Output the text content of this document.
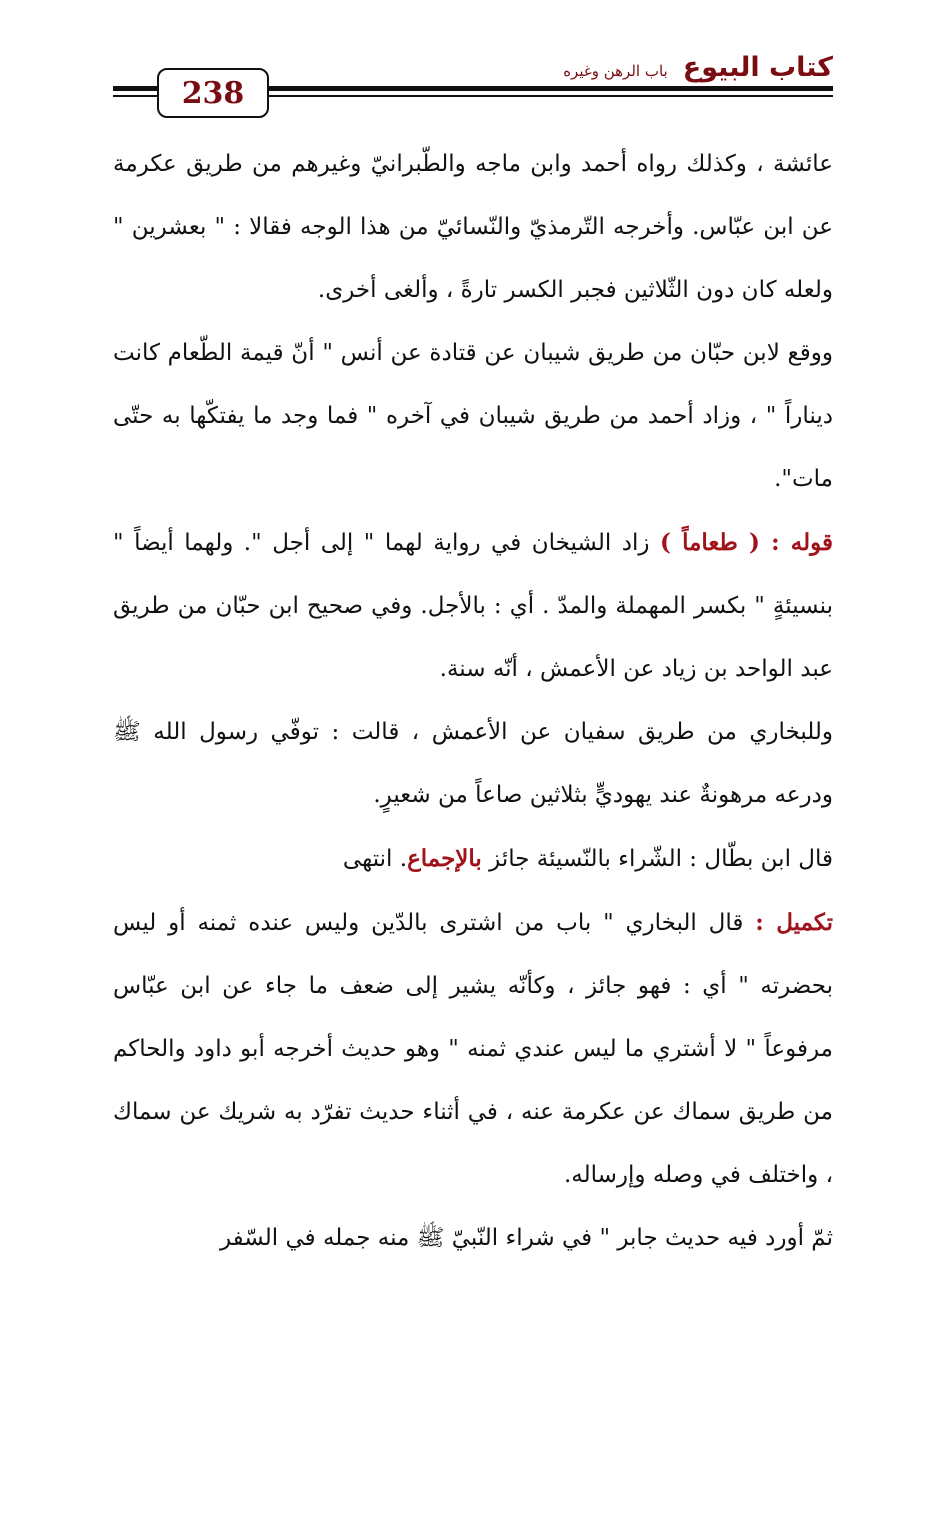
238
كتاب البيوع باب الرهن وغيره

عائشة ، وكذلك رواه أحمد وابن ماجه والطّبرانيّ وغيرهم من طريق عكرمة عن ابن عبّاس. وأخرجه التّرمذيّ والنّسائيّ من هذا الوجه فقالا : " بعشرين " ولعله كان دون الثّلاثين فجبر الكسر تارةً ، وألغى أخرى.

ووقع لابن حبّان من طريق شيبان عن قتادة عن أنس " أنّ قيمة الطّعام كانت ديناراً " ، وزاد أحمد من طريق شيبان في آخره " فما وجد ما يفتكّها به حتّى مات".

قوله : ( طعاماً ) زاد الشيخان في رواية لهما " إلى أجل ". ولهما أيضاً " بنسيئةٍ " بكسر المهملة والمدّ . أي : بالأجل. وفي صحيح ابن حبّان من طريق عبد الواحد بن زياد عن الأعمش ، أنّه سنة.

وللبخاري من طريق سفيان عن الأعمش ، قالت : توفّي رسول الله ﷺ ودرعه مرهونةٌ عند يهوديٍّ بثلاثين صاعاً من شعيرٍ.

قال ابن بطّال : الشّراء بالنّسيئة جائز بالإجماع. انتهى

تكميل : قال البخاري " باب من اشترى بالدّين وليس عنده ثمنه أو ليس بحضرته " أي : فهو جائز ، وكأنّه يشير إلى ضعف ما جاء عن ابن عبّاس مرفوعاً " لا أشتري ما ليس عندي ثمنه " وهو حديث أخرجه أبو داود والحاكم من طريق سماك عن عكرمة عنه ، في أثناء حديث تفرّد به شريك عن سماك ، واختلف في وصله وإرساله.

ثمّ أورد فيه حديث جابر " في شراء النّبيّ ﷺ منه جمله في السّفر
